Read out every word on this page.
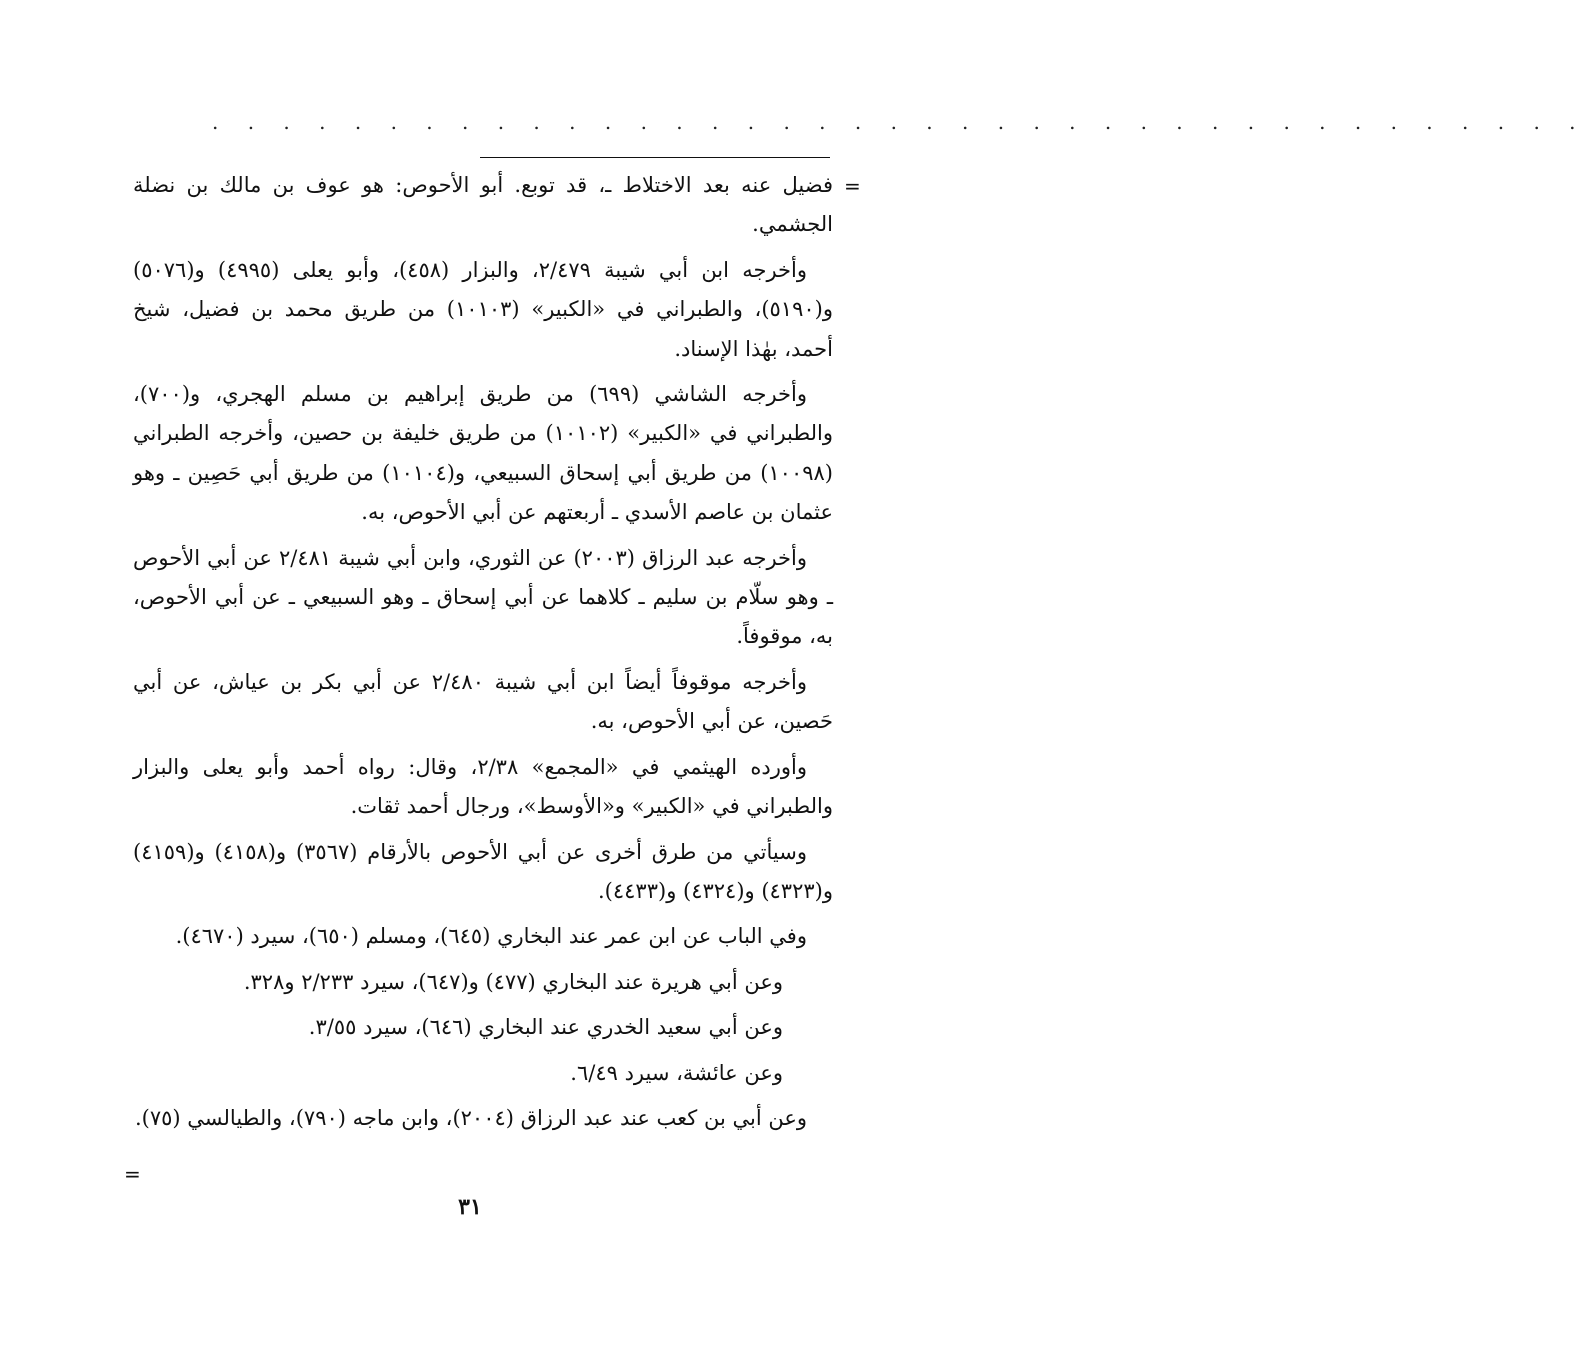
. . . . . . . . . . . . . . . . . . . . . . . . . . . . . . . . . . . . . . .
=

فضيل عنه بعد الاختلاط ـ، قد توبع. أبو الأحوص: هو عوف بن مالك بن نضلة الجشمي.

وأخرجه ابن أبي شيبة ٢/٤٧٩، والبزار (٤٥٨)، وأبو يعلى (٤٩٩٥) و(٥٠٧٦) و(٥١٩٠)، والطبراني في «الكبير» (١٠١٠٣) من طريق محمد بن فضيل، شيخ أحمد، بهٰذا الإسناد.

وأخرجه الشاشي (٦٩٩) من طريق إبراهيم بن مسلم الهجري، و(٧٠٠)، والطبراني في «الكبير» (١٠١٠٢) من طريق خليفة بن حصين، وأخرجه الطبراني (١٠٠٩٨) من طريق أبي إسحاق السبيعي، و(١٠١٠٤) من طريق أبي حَصِين ـ وهو عثمان بن عاصم الأسدي ـ أربعتهم عن أبي الأحوص، به.

وأخرجه عبد الرزاق (٢٠٠٣) عن الثوري، وابن أبي شيبة ٢/٤٨١ عن أبي الأحوص ـ وهو سلّام بن سليم ـ كلاهما عن أبي إسحاق ـ وهو السبيعي ـ عن أبي الأحوص، به، موقوفاً.

وأخرجه موقوفاً أيضاً ابن أبي شيبة ٢/٤٨٠ عن أبي بكر بن عياش، عن أبي حَصين، عن أبي الأحوص، به.

وأورده الهيثمي في «المجمع» ٢/٣٨، وقال: رواه أحمد وأبو يعلى والبزار والطبراني في «الكبير» و«الأوسط»، ورجال أحمد ثقات.

وسيأتي من طرق أخرى عن أبي الأحوص بالأرقام (٣٥٦٧) و(٤١٥٨) و(٤١٥٩) و(٤٣٢٣) و(٤٣٢٤) و(٤٤٣٣).

وفي الباب عن ابن عمر عند البخاري (٦٤٥)، ومسلم (٦٥٠)، سيرد (٤٦٧٠).

وعن أبي هريرة عند البخاري (٤٧٧) و(٦٤٧)، سيرد ٢/٢٣٣ و٣٢٨.

وعن أبي سعيد الخدري عند البخاري (٦٤٦)، سيرد ٣/٥٥.

وعن عائشة، سيرد ٦/٤٩.

وعن أبي بن كعب عند عبد الرزاق (٢٠٠٤)، وابن ماجه (٧٩٠)، والطيالسي (٧٥).

=
٣١
